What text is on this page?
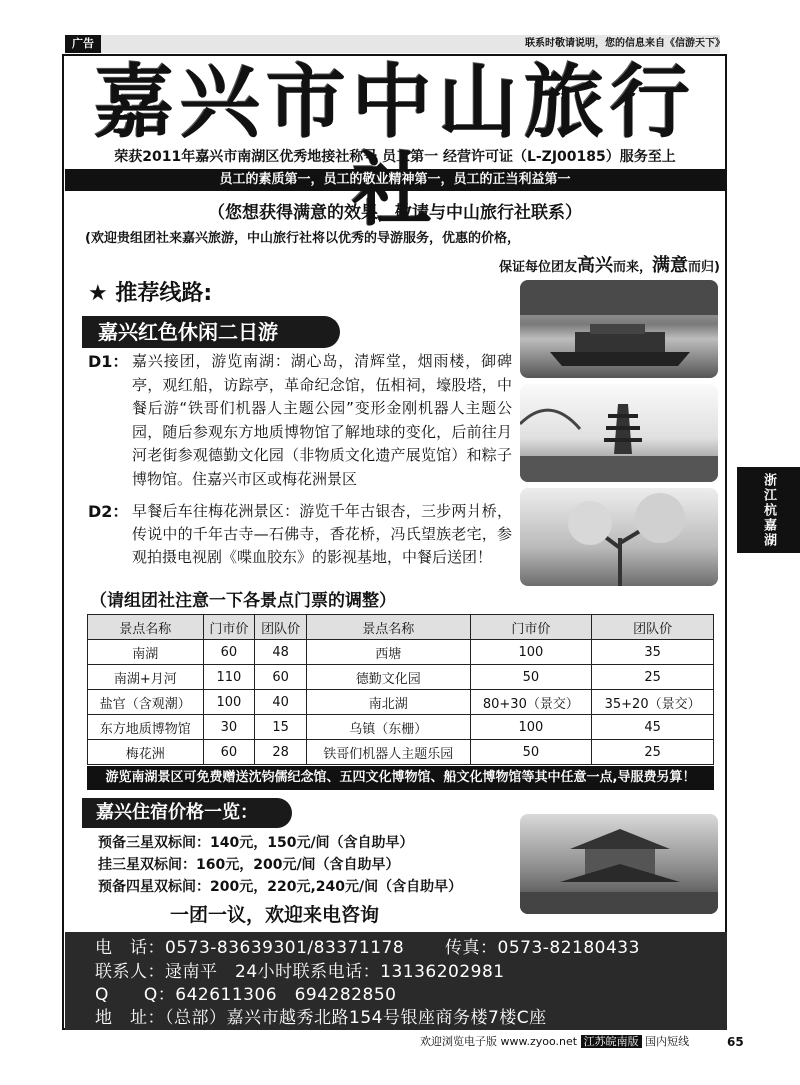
广告	联系时敬请说明，您的信息来自《信游天下》
嘉兴市中山旅行
荣获2011年嘉兴市南湖区优秀地接社称号 员工第一 经营许可证（L-ZJ00185）服务至上
员工的素质第一，员工的敬业精神第一，员工的正当利益第一
（您想获得满意的效果，敬请与中山旅行社联系）
(欢迎贵组团社来嘉兴旅游，中山旅行社将以优秀的导游服务，优惠的价格，
保证每位团友高兴而来，满意而归)
★ 推荐线路:
嘉兴红色休闲二日游
D1： 嘉兴接团，游览南湖：湖心岛，清辉堂，烟雨楼，御碑亭，观红船，访踪亭，革命纪念馆，伍相祠，壕股塔，中餐后游“铁哥们机器人主题公园”变形金刚机器人主题公园，随后参观东方地质博物馆了解地球的变化，后前往月河老街参观德勤文化园（非物质文化遗产展览馆）和粽子博物馆。住嘉兴市区或梅花洲景区
D2： 早餐后车往梅花洲景区：游览千年古银杏，三步两爿桥，传说中的千年古寺—石佛寺，香花桥，冯氏望族老宅，参观拍摄电视剧《喋血胶东》的影视基地，中餐后送团！
（请组团社注意一下各景点门票的调整）
景点名称	门市价	团队价	景点名称	门市价	团队价
南湖	60	48	西塘	100	35
南湖+月河	110	60	德勤文化园	50	25
盐官（含观潮）	100	40	南北湖	80+30（景交）	35+20（景交）
东方地质博物馆	30	15	乌镇（东栅）	100	45
梅花洲	60	28	铁哥们机器人主题乐园	50	25
游览南湖景区可免费赠送沈钧儒纪念馆、五四文化博物馆、船文化博物馆等其中任意一点,导服费另算！
嘉兴住宿价格一览：
预备三星双标间：140元，150元/间（含自助早）
挂三星双标间：160元，200元/间（含自助早）
预备四星双标间：200元，220元,240元/间（含自助早）
一团一议，欢迎来电咨询
电　话：0573-83639301/83371178 传真：0573-82180433
联系人：逯南平　24小时联系电话：13136202981
Q　　Q：642611306　694282850
地　址：（总部）嘉兴市越秀北路154号银座商务楼7楼C座
浙江杭嘉湖
欢迎浏览电子版 www.zyoo.net 江苏皖南版 国内短线	65
